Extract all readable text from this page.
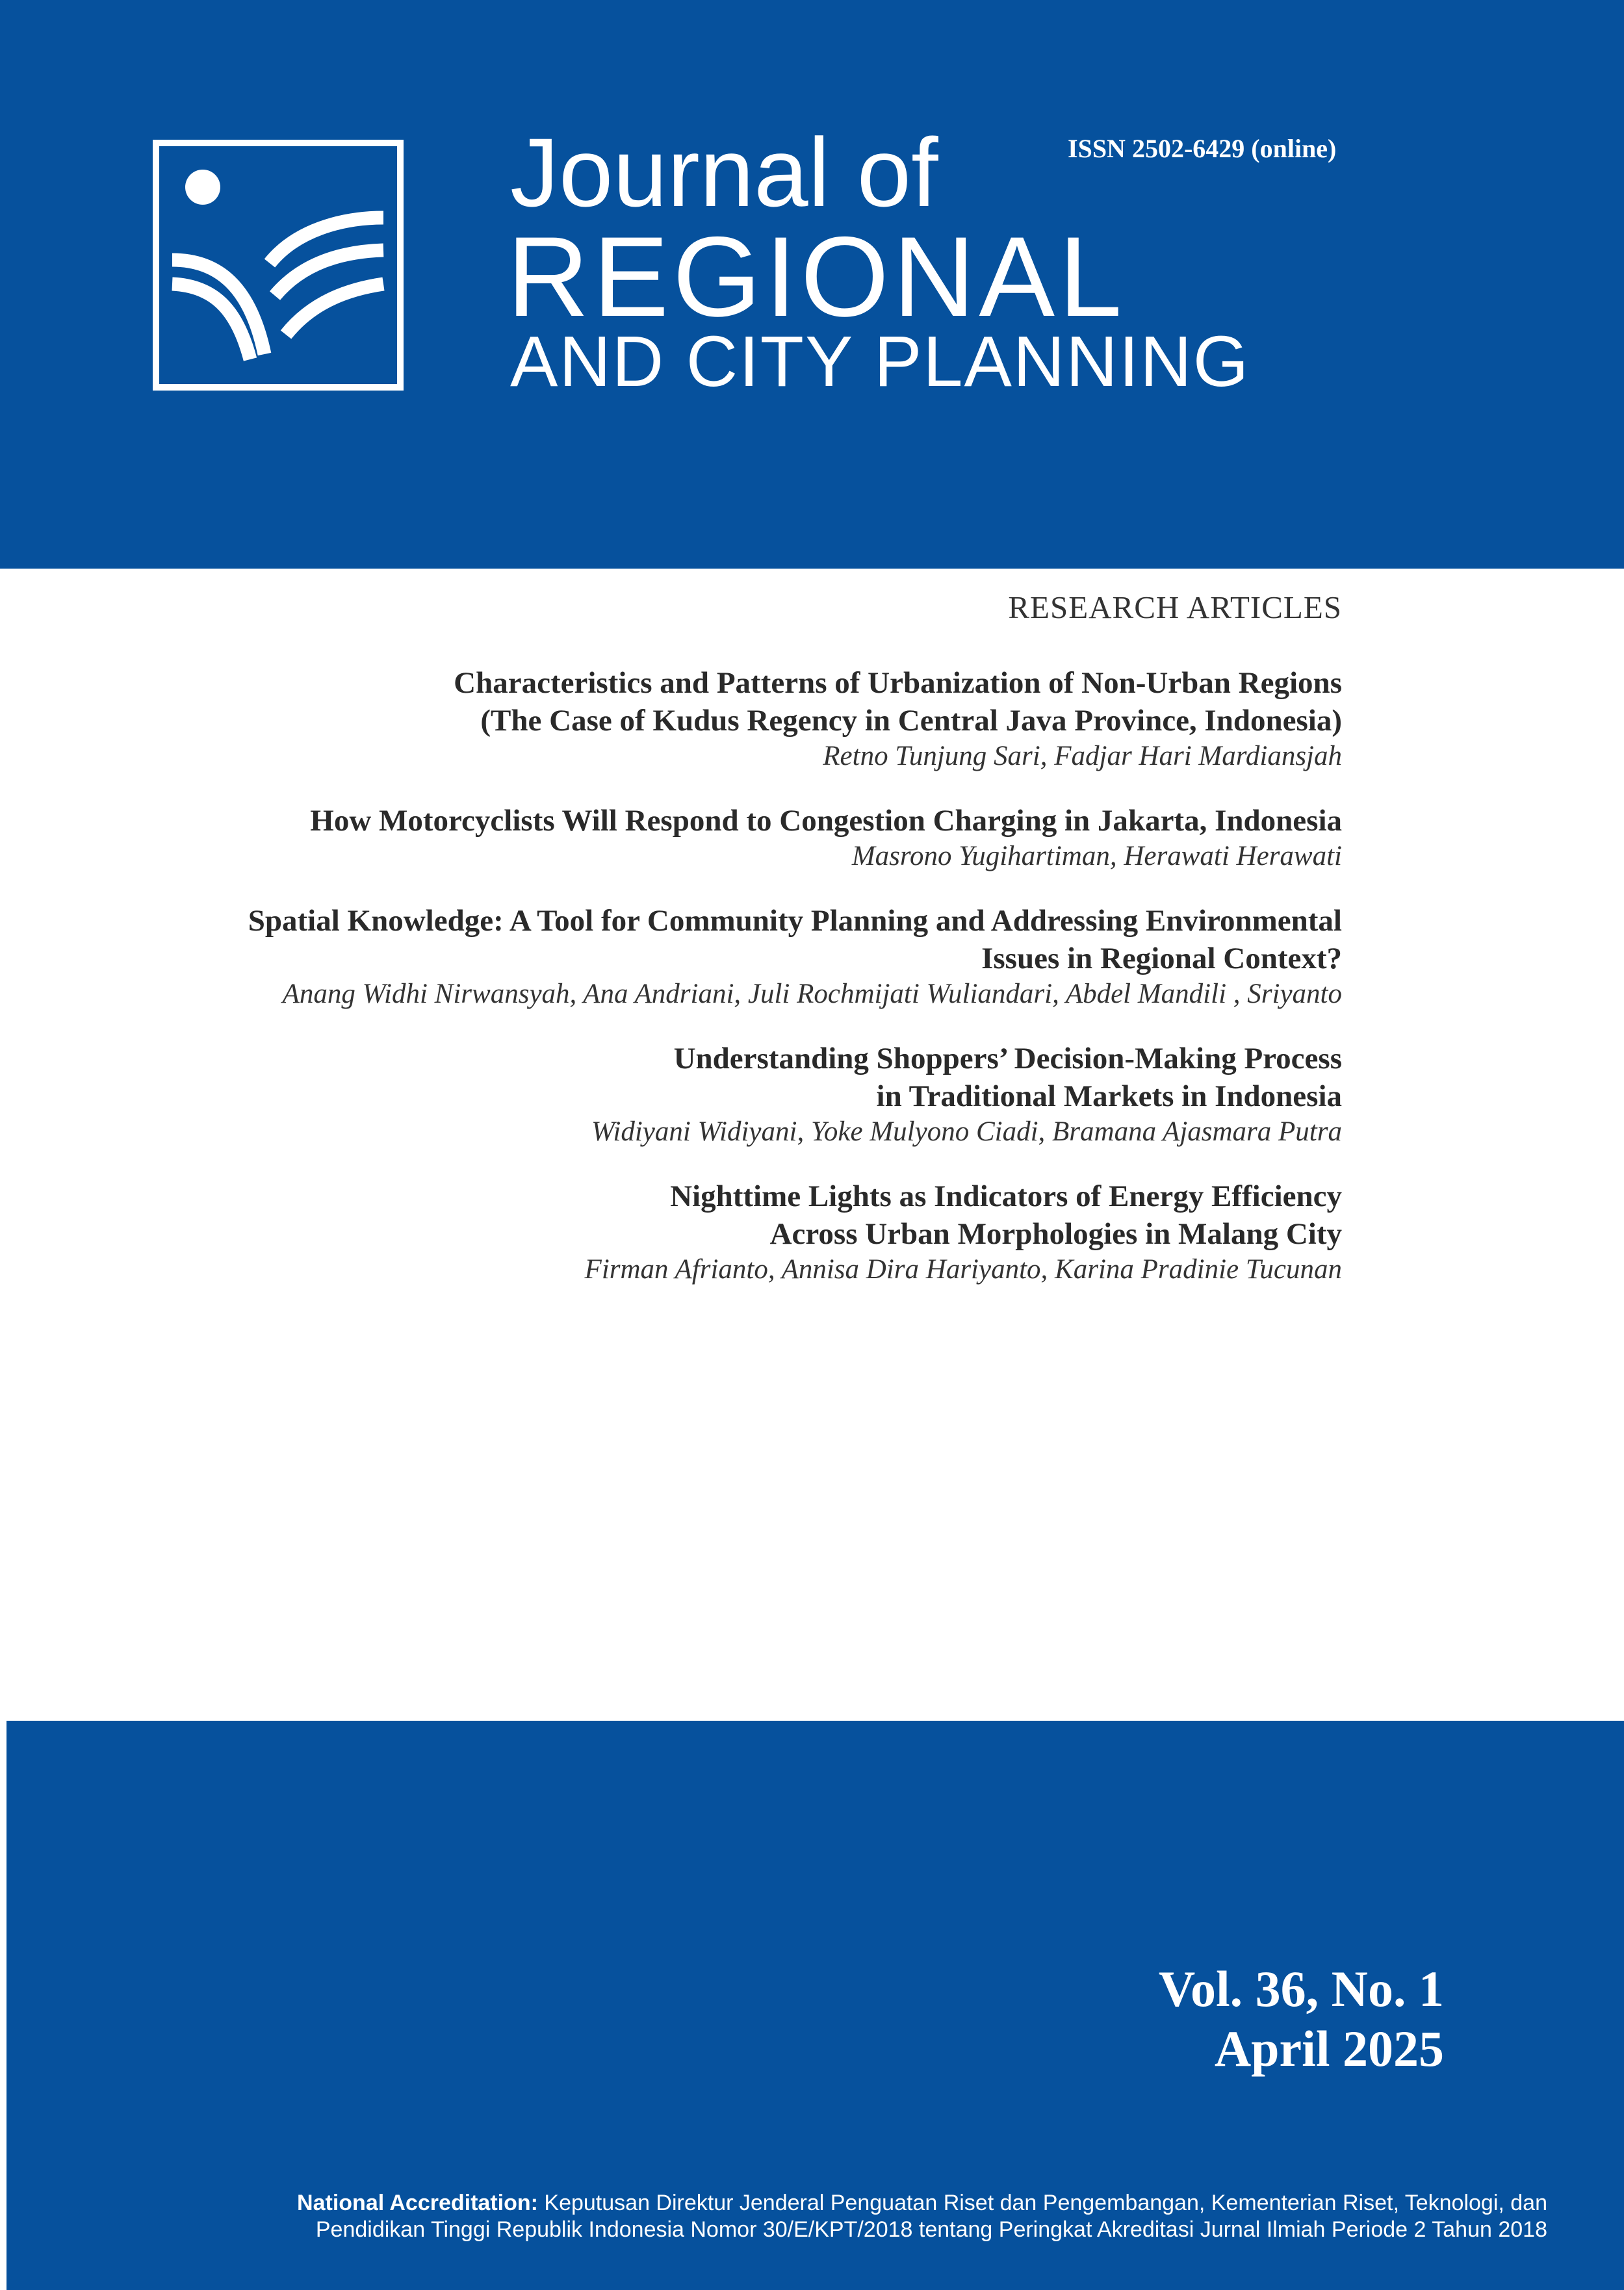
Journal of
REGIONAL
AND CITY PLANNING
ISSN 2502-6429 (online)
RESEARCH ARTICLES
Characteristics and Patterns of Urbanization of Non-Urban Regions
(The Case of Kudus Regency in Central Java Province, Indonesia)
Retno Tunjung Sari, Fadjar Hari Mardiansjah
How Motorcyclists Will Respond to Congestion Charging in Jakarta, Indonesia
Masrono Yugihartiman, Herawati Herawati
Spatial Knowledge: A Tool for Community Planning and Addressing Environmental
Issues in Regional Context?
Anang Widhi Nirwansyah, Ana Andriani, Juli Rochmijati Wuliandari, Abdel Mandili , Sriyanto
Understanding Shoppers’ Decision-Making Process
in Traditional Markets in Indonesia
Widiyani Widiyani, Yoke Mulyono Ciadi, Bramana Ajasmara Putra
Nighttime Lights as Indicators of Energy Efficiency
Across Urban Morphologies in Malang City
Firman Afrianto, Annisa Dira Hariyanto, Karina Pradinie Tucunan
Vol. 36, No. 1
April 2025
National Accreditation: Keputusan Direktur Jenderal Penguatan Riset dan Pengembangan, Kementerian Riset, Teknologi, dan
Pendidikan Tinggi Republik Indonesia Nomor 30/E/KPT/2018 tentang Peringkat Akreditasi Jurnal Ilmiah Periode 2 Tahun 2018
